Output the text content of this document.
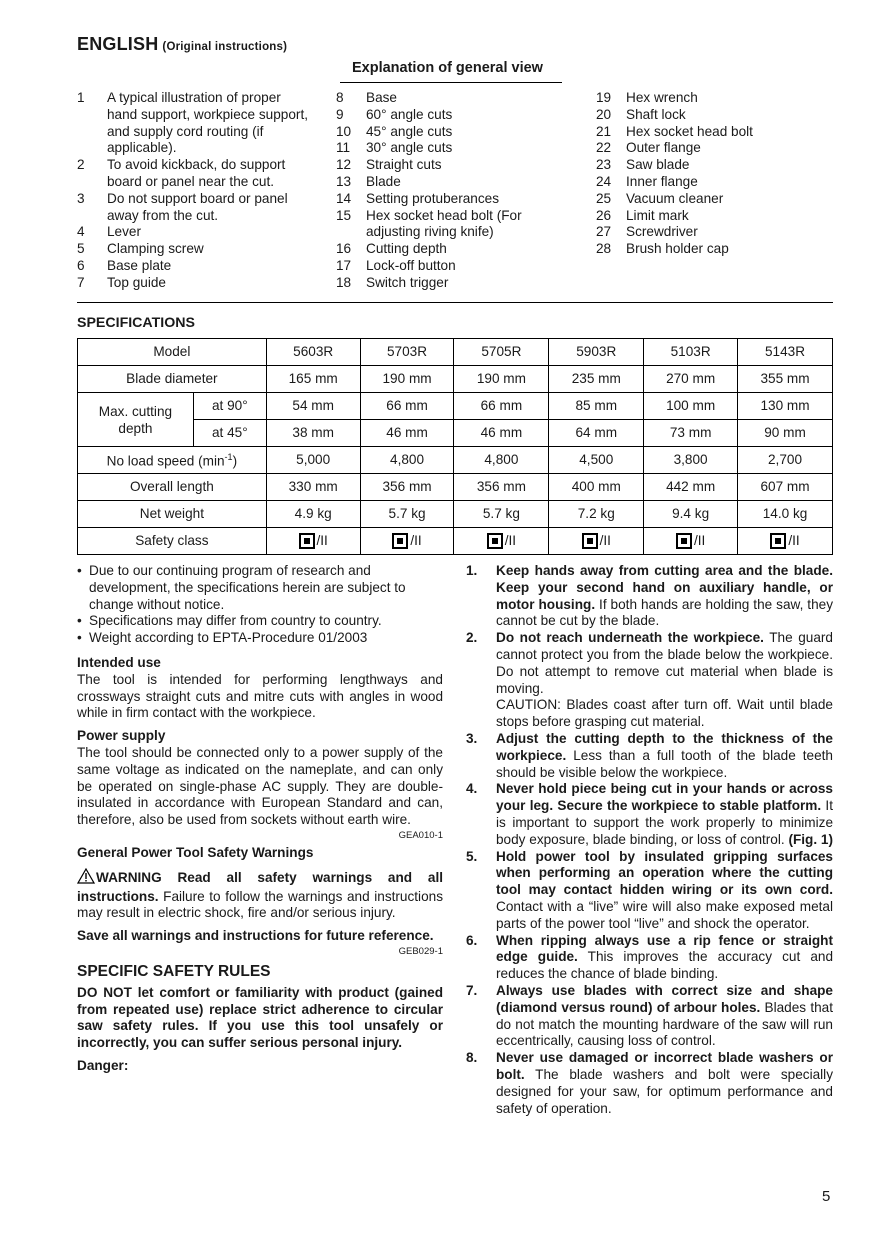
ENGLISH (Original instructions)
Explanation of general view
1	A typical illustration of proper hand support, workpiece support, and supply cord routing (if applicable).
2	To avoid kickback, do support board or panel near the cut.
3	Do not support board or panel away from the cut.
4	Lever
5	Clamping screw
6	Base plate
7	Top guide
8	Base
9	60° angle cuts
10	45° angle cuts
11	30° angle cuts
12	Straight cuts
13	Blade
14	Setting protuberances
15	Hex socket head bolt (For adjusting riving knife)
16	Cutting depth
17	Lock-off button
18	Switch trigger
19	Hex wrench
20	Shaft lock
21	Hex socket head bolt
22	Outer flange
23	Saw blade
24	Inner flange
25	Vacuum cleaner
26	Limit mark
27	Screwdriver
28	Brush holder cap
SPECIFICATIONS
Model		5603R	5703R	5705R	5903R	5103R	5143R
Blade diameter		165 mm	190 mm	190 mm	235 mm	270 mm	355 mm
Max. cutting depth	at 90°	54 mm	66 mm	66 mm	85 mm	100 mm	130 mm
	at 45°	38 mm	46 mm	46 mm	64 mm	73 mm	90 mm
No load speed $(\min^{-1})$		5,000	4,800	4,800	4,500	3,800	2,700
Overall length		330 mm	356 mm	356 mm	400 mm	442 mm	607 mm
Net weight		4.9 kg	5.7 kg	5.7 kg	7.2 kg	9.4 kg	14.0 kg
Safety class		/II	/II	/II	/II	/II	/II
• Due to our continuing program of research and development, the specifications herein are subject to change without notice.
• Specifications may differ from country to country.
• Weight according to EPTA-Procedure 01/2003
Intended use
The tool is intended for performing lengthways and crossways straight cuts and mitre cuts with angles in wood while in firm contact with the workpiece.
Power supply
The tool should be connected only to a power supply of the same voltage as indicated on the nameplate, and can only be operated on single-phase AC supply. They are double-insulated in accordance with European Standard and can, therefore, also be used from sockets without earth wire.
GEA010-1
General Power Tool Safety Warnings
WARNING Read all safety warnings and all instructions. Failure to follow the warnings and instructions may result in electric shock, fire and/or serious injury.
Save all warnings and instructions for future reference.
GEB029-1
SPECIFIC SAFETY RULES
DO NOT let comfort or familiarity with product (gained from repeated use) replace strict adherence to circular saw safety rules. If you use this tool unsafely or incorrectly, you can suffer serious personal injury.
Danger:
1.	Keep hands away from cutting area and the blade. Keep your second hand on auxiliary handle, or motor housing. If both hands are holding the saw, they cannot be cut by the blade.
2.	Do not reach underneath the workpiece. The guard cannot protect you from the blade below the workpiece. Do not attempt to remove cut material when blade is moving.
CAUTION: Blades coast after turn off. Wait until blade stops before grasping cut material.
3.	Adjust the cutting depth to the thickness of the workpiece. Less than a full tooth of the blade teeth should be visible below the workpiece.
4.	Never hold piece being cut in your hands or across your leg. Secure the workpiece to stable platform. It is important to support the work properly to minimize body exposure, blade binding, or loss of control. (Fig. 1)
5.	Hold power tool by insulated gripping surfaces when performing an operation where the cutting tool may contact hidden wiring or its own cord. Contact with a “live” wire will also make exposed metal parts of the power tool “live” and shock the operator.
6.	When ripping always use a rip fence or straight edge guide. This improves the accuracy cut and reduces the chance of blade binding.
7.	Always use blades with correct size and shape (diamond versus round) of arbour holes. Blades that do not match the mounting hardware of the saw will run eccentrically, causing loss of control.
8.	Never use damaged or incorrect blade washers or bolt. The blade washers and bolt were specially designed for your saw, for optimum performance and safety of operation.
5
